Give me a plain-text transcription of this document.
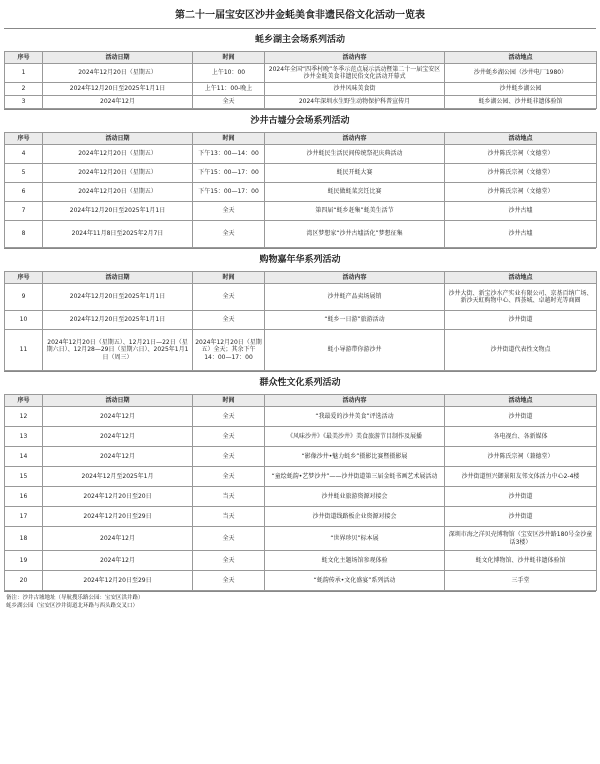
第二十一届宝安区沙井金蚝美食非遗民俗文化活动一览表
蚝乡湖主会场系列活动
序号	活动日期	时间	活动内容	活动地点
1	2024年12月20日（星期五）	上午10：00	2024年全国“四季村晚”冬季示范点展示活动暨第二十一届宝安区沙井金蚝美食非遗民俗文化活动开幕式	沙井蚝乡湖公园（沙井电厂1980）
2	2024年12月20日至2025年1月1日	上午11：00-晚上	沙井风味美食街	沙井蚝乡湖公园
3	2024年12月	全天	2024年深圳水生野生动物保护科普宣传月	蚝乡湖公园、沙井蚝非遗体验馆
沙井古墟分会场系列活动
序号	活动日期	时间	活动内容	活动地点
4	2024年12月20日（星期五）	下午13：00—14：00	沙井蚝民生活民间传统祭祀庆典活动	沙井陈氏宗祠（文德堂）
5	2024年12月20日（星期五）	下午15：00—17：00	蚝民开蚝大赛	沙井陈氏宗祠（文德堂）
6	2024年12月20日（星期五）	下午15：00—17：00	蚝民做蚝菜烹饪比赛	沙井陈氏宗祠（文德堂）
7	2024年12月20日至2025年1月1日	全天	第四届“蚝乡赶集”蚝美生活节	沙井古墟
8	2024年11月8日至2025年2月7日	全天	湾区梦想家“沙井古墟活化”梦想征集	沙井古墟
购物嘉年华系列活动
序号	活动日期	时间	活动内容	活动地点
9	2024年12月20日至2025年1月1日	全天	沙井蚝产品卖场展销	沙井大街、新宝沙水产实业有限公司、京基百纳广场、新沙天虹购物中心、西荟城、卓越时光等商圈
10	2024年12月20日至2025年1月1日	全天	“蚝乡一日游”旅游活动	沙井街道
11	2024年12月20日（星期五）、12月21日—22日（星期六日）、12月28—29日（星期六日）、2025年1月1日（周三）	2024年12月20日（星期五）全天；其余下午14：00—17：00	蚝小导游带你游沙井	沙井街道代表性文物点
群众性文化系列活动
序号	活动日期	时间	活动内容	活动地点
12	2024年12月	全天	“我最爱的沙井美食”评选活动	沙井街道
13	2024年12月	全天	《风味沙井》《最美沙井》美食旅游节目制作及展播	各电视台、各新媒体
14	2024年12月	全天	“影像沙井•魅力蚝乡”摄影比赛暨摄影展	沙井陈氏宗祠（兼德堂）
15	2024年12月至2025年1月	全天	“童绘蚝韵•艺梦沙井”——沙井街道第三届金蚝书画艺术展活动	沙井街道恒兴御景阳友邻文体活力中心2-4楼
16	2024年12月20日至20日	当天	沙井蚝业旅游资源对接会	沙井街道
17	2024年12月20日至29日	当天	沙井街道线路板企业资源对接会	沙井街道
18	2024年12月	全天	“世界珍贝”标本展	深圳市海之洋贝壳博物馆（宝安区沙井路180号金沙童话3楼）
19	2024年12月	全天	蚝文化主题场馆参观体验	蚝文化博物馆、沙井蚝非遗体验馆
20	2024年12月20日至29日	全天	“蚝韵传承•文化盛宴”系列活动	三手堂
备注：沙井古墟地址（导航搜乐路公园：宝安区洪井路）
蚝乡湖公园（宝安区沙井街道北环路与西头路交叉口）
